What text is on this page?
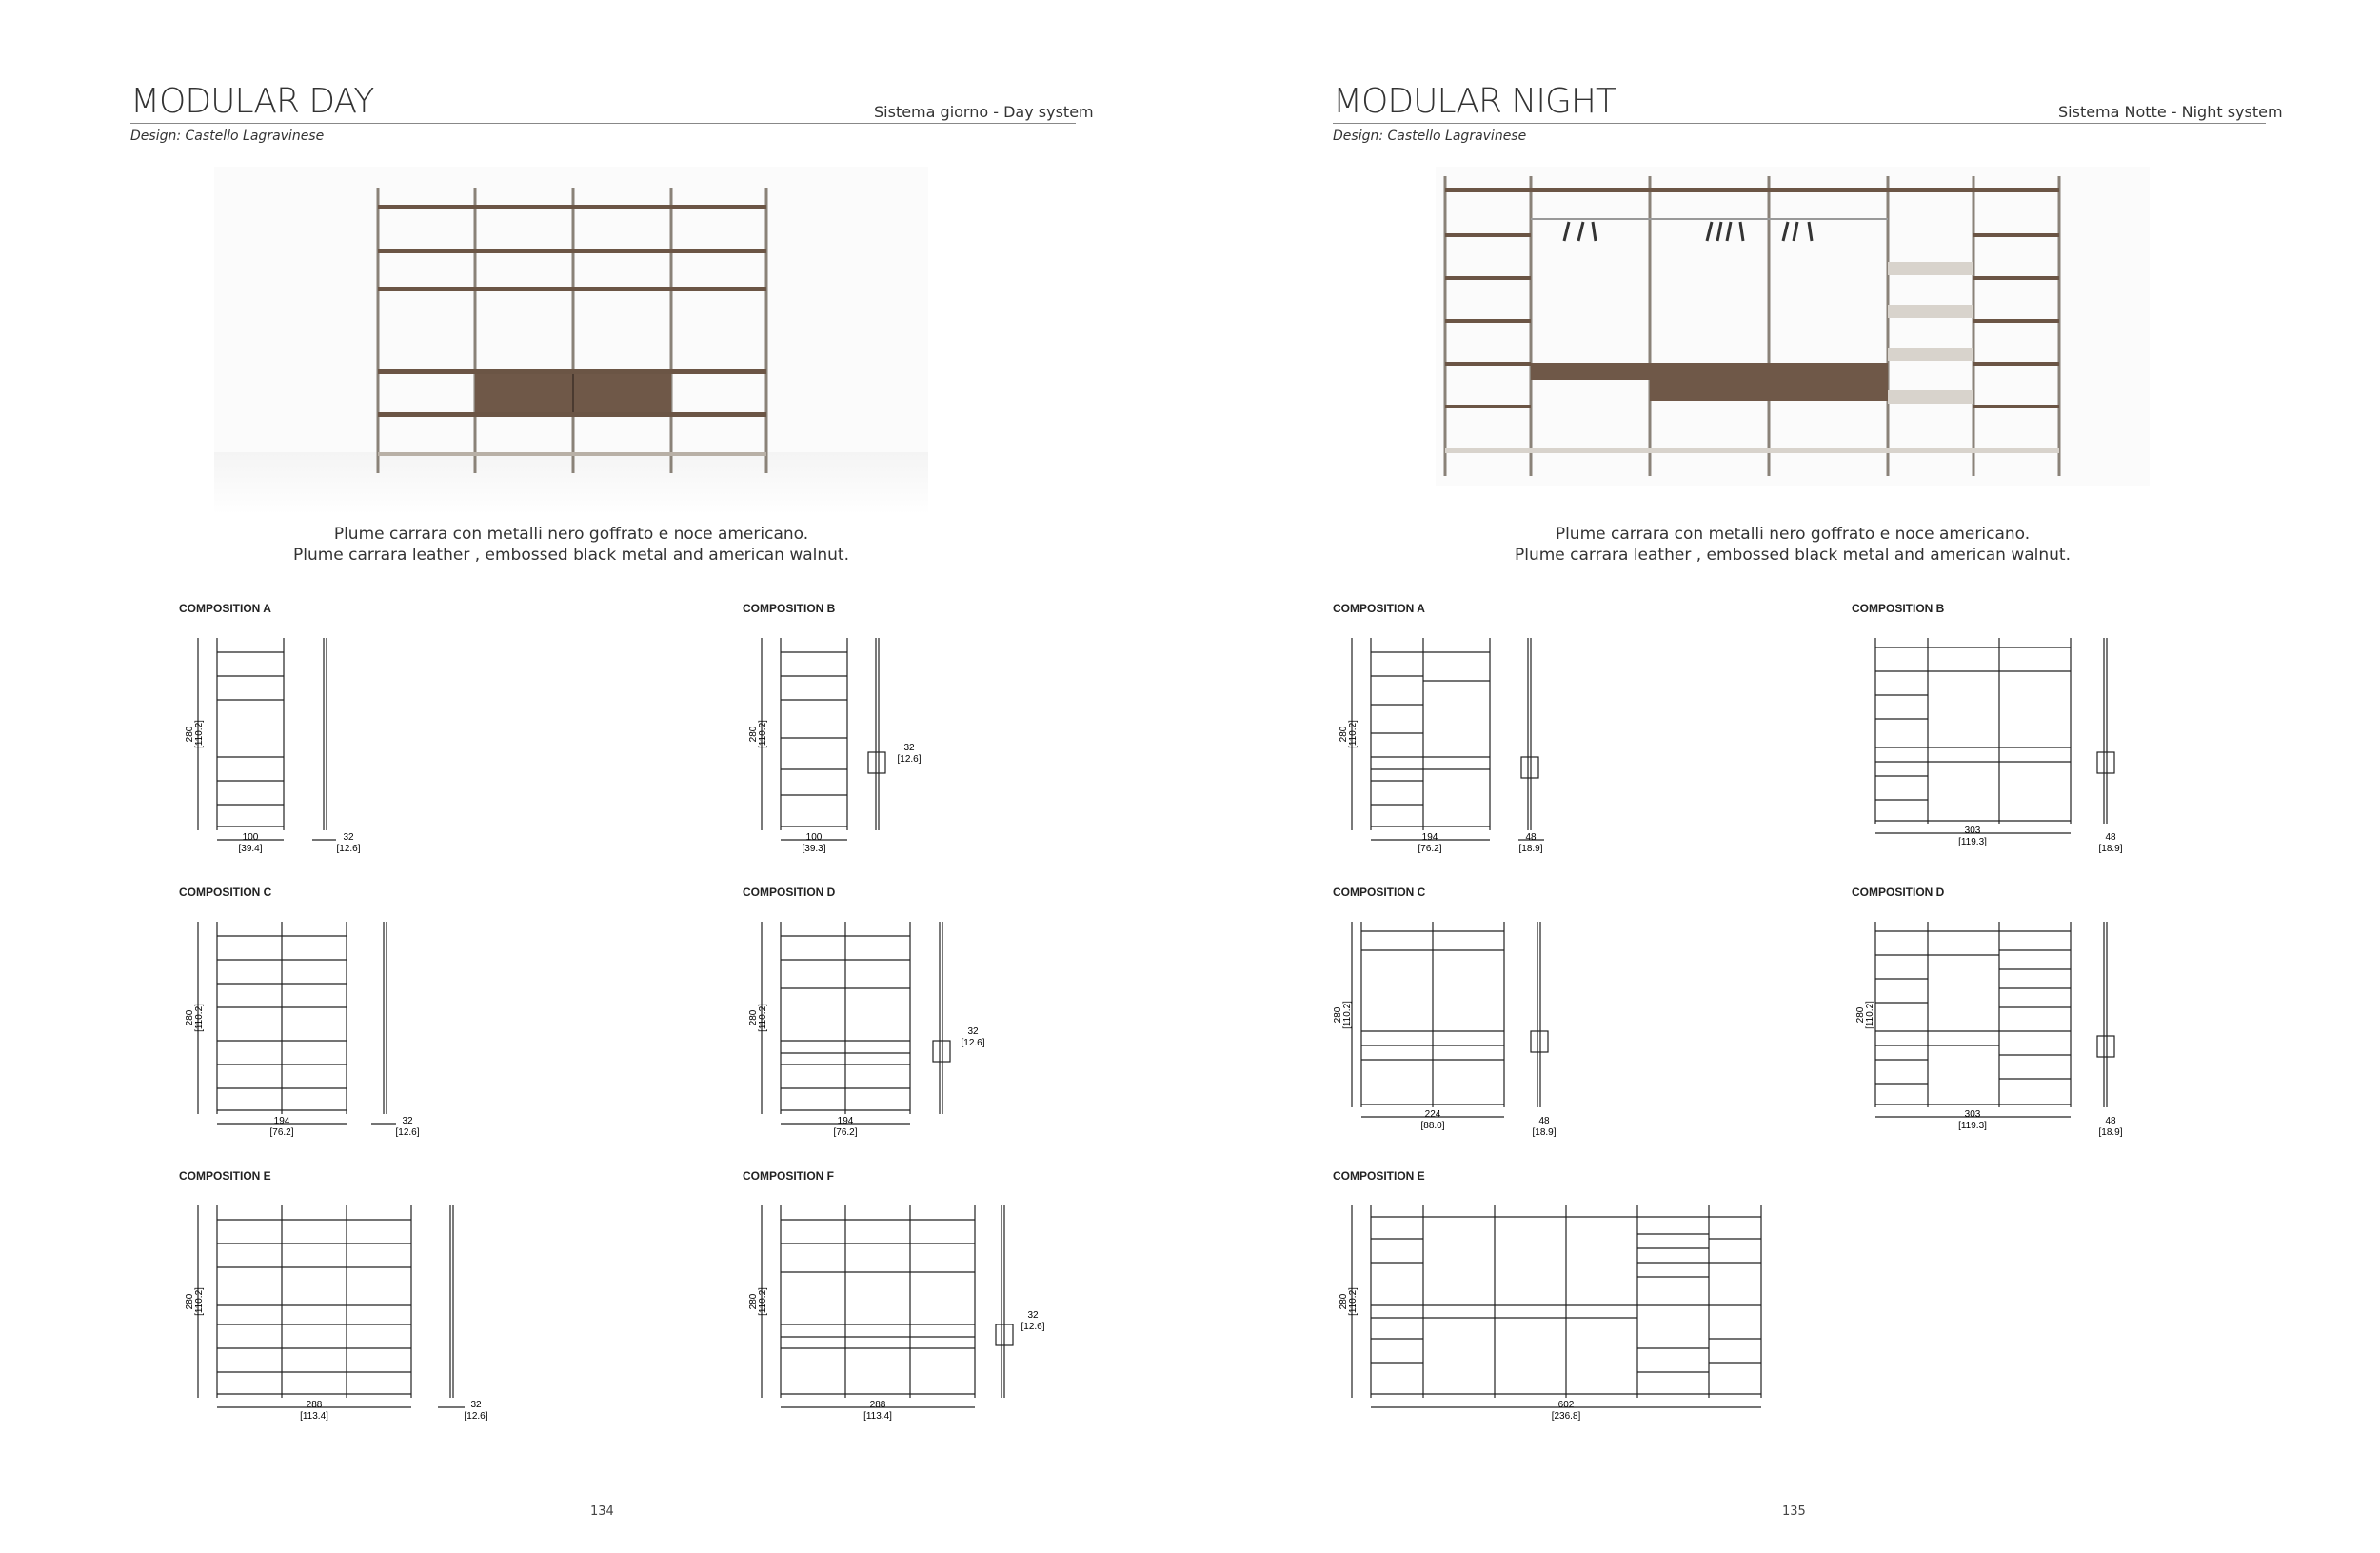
MODULAR DAY	Sistema giorno - Day system
Design: Castello Lagravinese
Plume carrara con metalli nero goffrato e noce americano.
Plume carrara leather , embossed black metal and american walnut.
COMPOSITION A
280 [110.2]
100
[39.4]
32
[12.6]
COMPOSITION B
280 [110.2]
100
[39.3]
32
[12.6]
COMPOSITION C
280 [110.2]
194
[76.2]
32
[12.6]
COMPOSITION D
280 [110.2]
194
[76.2]
32
[12.6]
COMPOSITION E
280 [110.2]
288
[113.4]
32
[12.6]
COMPOSITION F
280 [110.2]
288
[113.4]
32
[12.6]
134
MODULAR NIGHT	Sistema Notte - Night system
Design: Castello Lagravinese
Plume carrara con metalli nero goffrato e noce americano.
Plume carrara leather , embossed black metal and american walnut.
COMPOSITION A
280 [110.2]
194
[76.2]
48
[18.9]
COMPOSITION B
303
[119.3]	48
[18.9]
COMPOSITION C
280 [110.2]
224
[88.0]	48
[18.9]
COMPOSITION D
280 [110.2]
303
[119.3]	48
[18.9]
COMPOSITION E
280 [110.2]
602
[236.8]
135
